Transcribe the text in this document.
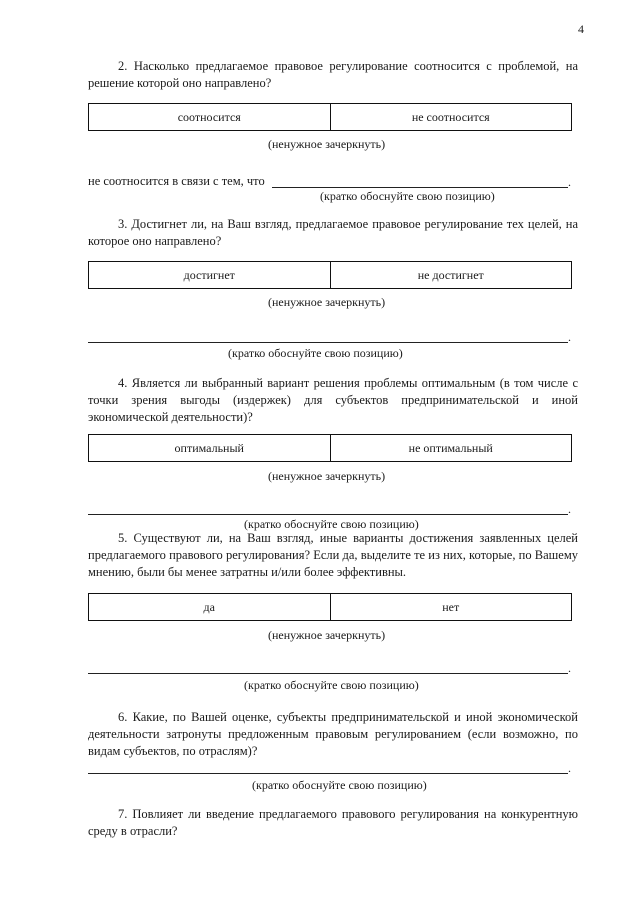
4
2. Насколько предлагаемое правовое регулирование соотносится с проблемой, на решение которой оно направлено?
соотносится	не соотносится
(ненужное зачеркнуть)
не соотносится в связи с тем, что	.
(кратко обоснуйте свою позицию)
3. Достигнет ли, на Ваш взгляд, предлагаемое правовое регулирование тех целей, на которое оно направлено?
достигнет	не достигнет
(ненужное зачеркнуть)
.
(кратко обоснуйте свою позицию)
4. Является ли выбранный вариант решения проблемы оптимальным (в том числе с точки зрения выгоды (издержек) для субъектов предпринимательской и иной экономической деятельности)?
оптимальный	не оптимальный
(ненужное зачеркнуть)
.
(кратко обоснуйте свою позицию)
5. Существуют ли, на Ваш взгляд, иные варианты достижения заявленных целей предлагаемого правового регулирования? Если да, выделите те из них, которые, по Вашему мнению, были бы менее затратны и/или более эффективны.
да	нет
(ненужное зачеркнуть)
.
(кратко обоснуйте свою позицию)
6. Какие, по Вашей оценке, субъекты предпринимательской и иной экономической деятельности затронуты предложенным правовым регулированием (если возможно, по видам субъектов, по отраслям)?
.
(кратко обоснуйте свою позицию)
7. Повлияет ли введение предлагаемого правового регулирования на конкурентную среду в отрасли?
